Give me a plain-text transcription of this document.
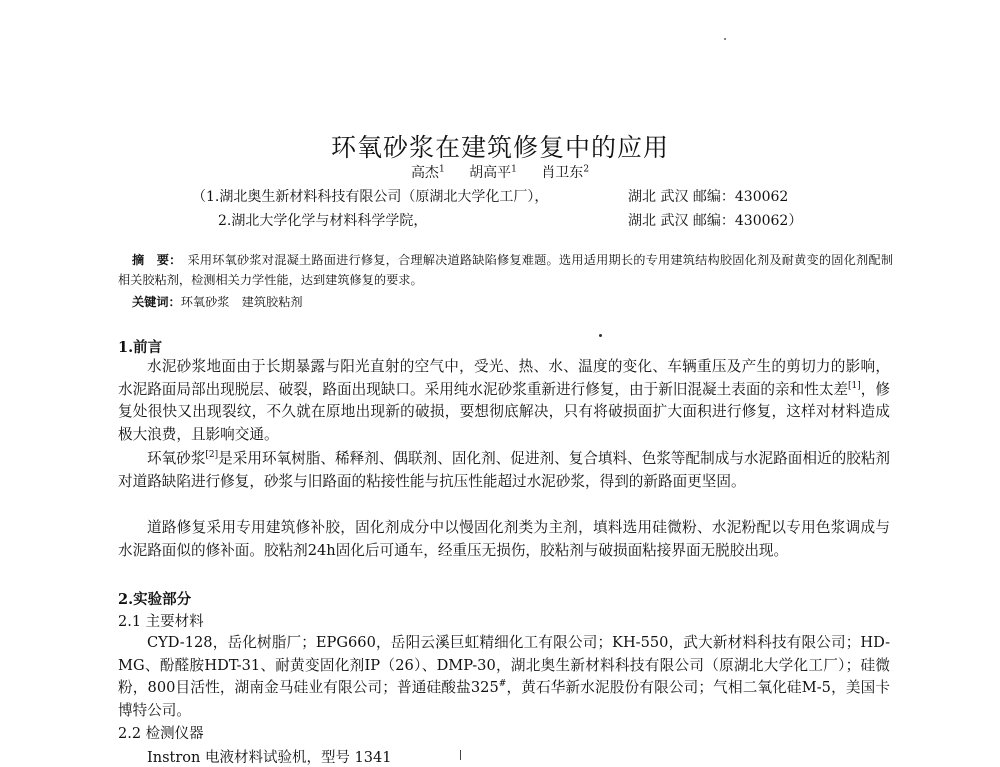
环氧砂浆在建筑修复中的应用
高杰$^1$ 胡高平$^1$ 肖卫东$^2$
（1.湖北奥生新材料科技有限公司（原湖北大学化工厂），	湖北 武汉 邮编：430062
2.湖北大学化学与材料科学学院，	湖北 武汉 邮编：430062）
摘　要： 采用环氧砂浆对混凝土路面进行修复，合理解决道路缺陷修复难题。选用适用期长的专用建筑结构胶固化剂及耐黄变的固化剂配制相关胶粘剂，检测相关力学性能，达到建筑修复的要求。
关键词：环氧砂浆　建筑胶粘剂
1.前言
水泥砂浆地面由于长期暴露与阳光直射的空气中，受光、热、水、温度的变化、车辆重压及产生的剪切力的影响，水泥路面局部出现脱层、破裂，路面出现缺口。采用纯水泥砂浆重新进行修复，由于新旧混凝土表面的亲和性太差[1]，修复处很快又出现裂纹，不久就在原地出现新的破损，要想彻底解决，只有将破损面扩大面积进行修复，这样对材料造成极大浪费，且影响交通。
环氧砂浆[2]是采用环氧树脂、稀释剂、偶联剂、固化剂、促进剂、复合填料、色浆等配制成与水泥路面相近的胶粘剂对道路缺陷进行修复，砂浆与旧路面的粘接性能与抗压性能超过水泥砂浆，得到的新路面更坚固。
道路修复采用专用建筑修补胶，固化剂成分中以慢固化剂类为主剂，填料选用硅微粉、水泥粉配以专用色浆调成与水泥路面似的修补面。胶粘剂24h固化后可通车，经重压无损伤，胶粘剂与破损面粘接界面无脱胶出现。
2.实验部分
2.1 主要材料
CYD-128，岳化树脂厂；EPG660，岳阳云溪巨虹精细化工有限公司；KH-550，武大新材料科技有限公司；HD-MG、酚醛胺HDT-31、耐黄变固化剂IP（26）、DMP-30，湖北奥生新材料科技有限公司（原湖北大学化工厂）；硅微粉，800目活性，湖南金马硅业有限公司；普通硅酸盐325#，黄石华新水泥股份有限公司；气相二氧化硅M-5，美国卡博特公司。
2.2 检测仪器
Instron 电液材料试验机，型号 1341
